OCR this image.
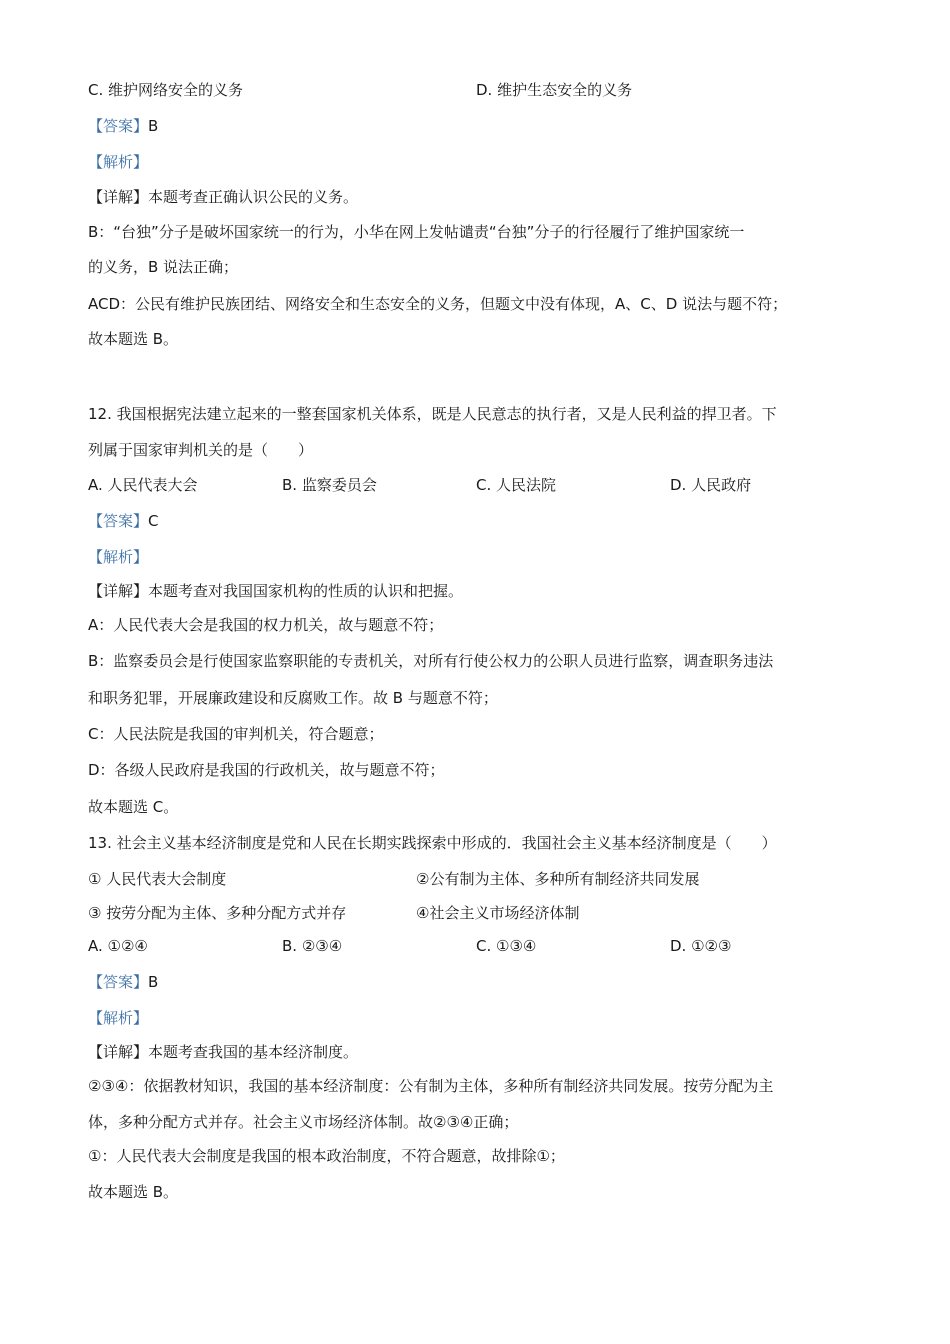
C. 维护网络安全的义务	D. 维护生态安全的义务
【答案】B
【解析】
【详解】本题考查正确认识公民的义务。
B：“台独”分子是破坏国家统一的行为，小华在网上发帖谴责“台独”分子的行径履行了维护国家统一
的义务，B 说法正确；
ACD：公民有维护民族团结、网络安全和生态安全的义务，但题文中没有体现，A、C、D 说法与题不符；
故本题选 B。
12. 我国根据宪法建立起来的一整套国家机关体系，既是人民意志的执行者，又是人民利益的捍卫者。下
列属于国家审判机关的是（　　）
A. 人民代表大会	B. 监察委员会	C. 人民法院	D. 人民政府
【答案】C
【解析】
【详解】本题考查对我国国家机构的性质的认识和把握。
A：人民代表大会是我国的权力机关，故与题意不符；
B：监察委员会是行使国家监察职能的专责机关，对所有行使公权力的公职人员进行监察，调查职务违法
和职务犯罪，开展廉政建设和反腐败工作。故 B 与题意不符；
C：人民法院是我国的审判机关，符合题意；
D：各级人民政府是我国的行政机关，故与题意不符；
故本题选 C。
13. 社会主义基本经济制度是党和人民在长期实践探索中形成的．我国社会主义基本经济制度是（　　）
① 人民代表大会制度	②公有制为主体、多种所有制经济共同发展
③ 按劳分配为主体、多种分配方式并存	④社会主义市场经济体制
A. ①②④	B. ②③④	C. ①③④	D. ①②③
【答案】B
【解析】
【详解】本题考查我国的基本经济制度。
②③④：依据教材知识，我国的基本经济制度：公有制为主体，多种所有制经济共同发展。按劳分配为主
体，多种分配方式并存。社会主义市场经济体制。故②③④正确；
①：人民代表大会制度是我国的根本政治制度，不符合题意，故排除①；
故本题选 B。
